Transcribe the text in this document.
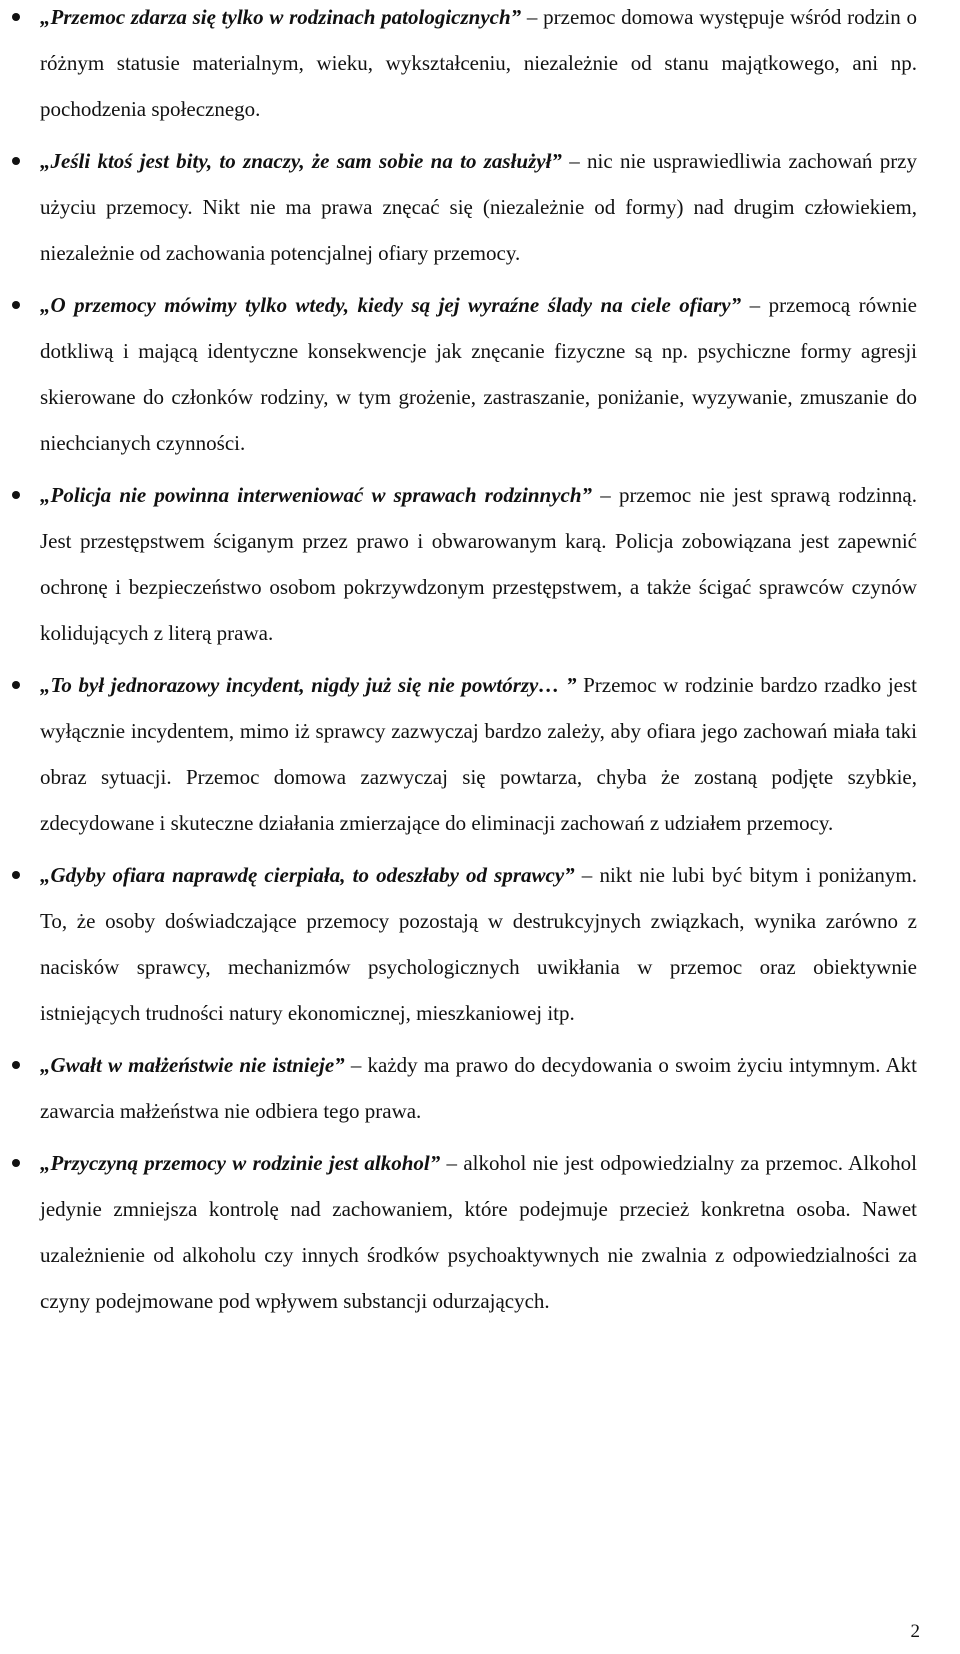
„Przemoc zdarza się tylko w rodzinach patologicznych” – przemoc domowa występuje wśród rodzin o różnym statusie materialnym, wieku, wykształceniu, niezależnie od stanu majątkowego, ani np. pochodzenia społecznego.
„Jeśli ktoś jest bity, to znaczy, że sam sobie na to zasłużył” – nic nie usprawiedliwia zachowań przy użyciu przemocy. Nikt nie ma prawa znęcać się (niezależnie od formy) nad drugim człowiekiem, niezależnie od zachowania potencjalnej ofiary przemocy.
„O przemocy mówimy tylko wtedy, kiedy są jej wyraźne ślady na ciele ofiary” – przemocą równie dotkliwą i mającą identyczne konsekwencje jak znęcanie fizyczne są np. psychiczne formy agresji skierowane do członków rodziny, w tym grożenie, zastraszanie, poniżanie, wyzywanie, zmuszanie do niechcianych czynności.
„Policja nie powinna interweniować w sprawach rodzinnych” – przemoc nie jest sprawą rodzinną. Jest przestępstwem ściganym przez prawo i obwarowanym karą. Policja zobowiązana jest zapewnić ochronę i bezpieczeństwo osobom pokrzywdzonym przestępstwem, a także ścigać sprawców czynów kolidujących z literą prawa.
„To był jednorazowy incydent, nigdy już się nie powtórzy… ” Przemoc w rodzinie bardzo rzadko jest wyłącznie incydentem, mimo iż sprawcy zazwyczaj bardzo zależy, aby ofiara jego zachowań miała taki obraz sytuacji. Przemoc domowa zazwyczaj się powtarza, chyba że zostaną podjęte szybkie, zdecydowane i skuteczne działania zmierzające do eliminacji zachowań z udziałem przemocy.
„Gdyby ofiara naprawdę cierpiała, to odeszłaby od sprawcy” – nikt nie lubi być bitym i poniżanym. To, że osoby doświadczające przemocy pozostają w destrukcyjnych związkach, wynika zarówno z nacisków sprawcy, mechanizmów psychologicznych uwikłania w przemoc oraz obiektywnie istniejących trudności natury ekonomicznej, mieszkaniowej itp.
„Gwałt w małżeństwie nie istnieje” – każdy ma prawo do decydowania o swoim życiu intymnym. Akt zawarcia małżeństwa nie odbiera tego prawa.
„Przyczyną przemocy w rodzinie jest alkohol” – alkohol nie jest odpowiedzialny za przemoc. Alkohol jedynie zmniejsza kontrolę nad zachowaniem, które podejmuje przecież konkretna osoba. Nawet uzależnienie od alkoholu czy innych środków psychoaktywnych nie zwalnia z odpowiedzialności za czyny podejmowane pod wpływem substancji odurzających.
2
